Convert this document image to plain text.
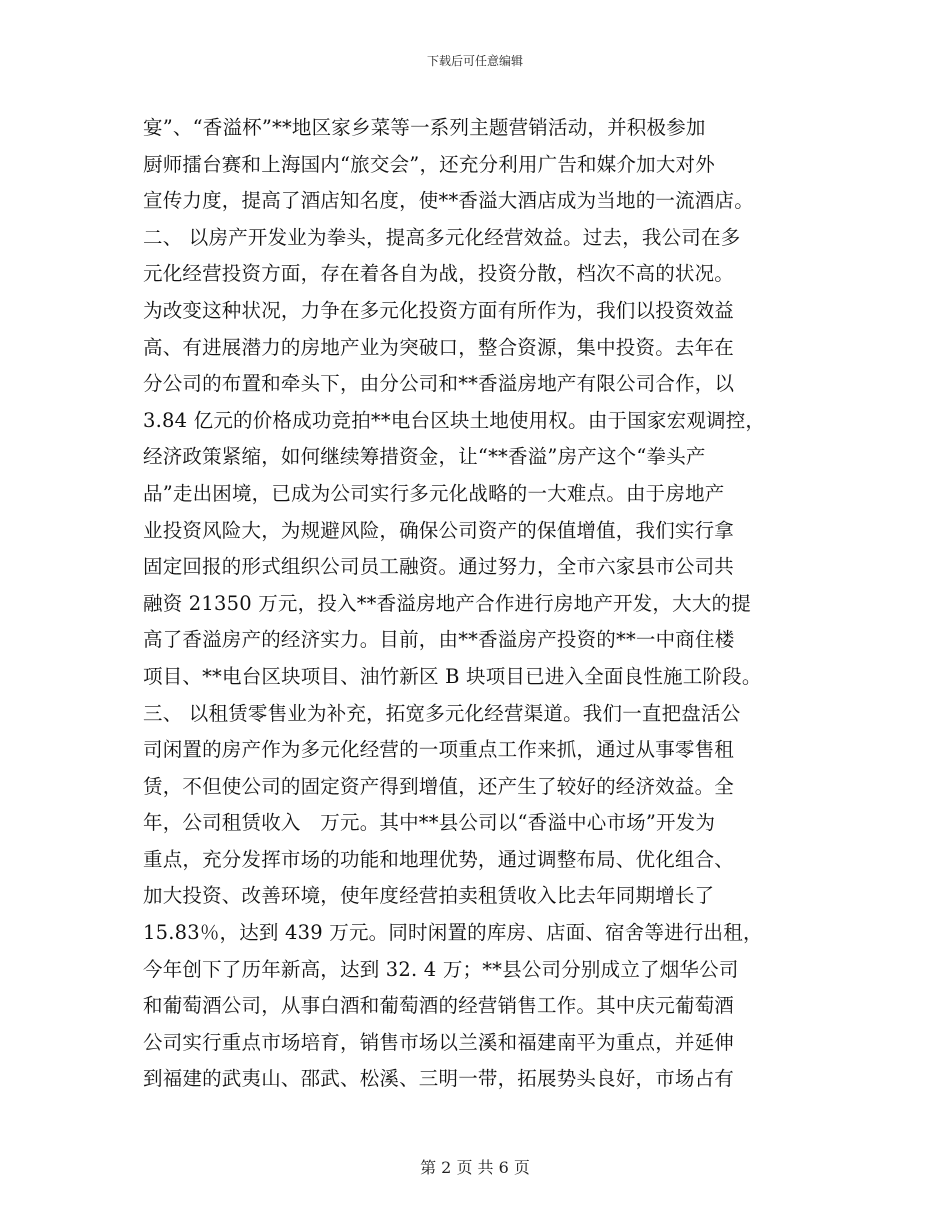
下载后可任意编辑
宴”、“香溢杯”**地区家乡菜等一系列主题营销活动，并积极参加
厨师擂台赛和上海国内“旅交会”，还充分利用广告和媒介加大对外
宣传力度，提高了酒店知名度，使**香溢大酒店成为当地的一流酒店。
二、 以房产开发业为拳头，提高多元化经营效益。过去，我公司在多
元化经营投资方面，存在着各自为战，投资分散，档次不高的状况。
为改变这种状况，力争在多元化投资方面有所作为，我们以投资效益
高、有进展潜力的房地产业为突破口，整合资源，集中投资。去年在
分公司的布置和牵头下，由分公司和**香溢房地产有限公司合作，以
3.84 亿元的价格成功竞拍**电台区块土地使用权。由于国家宏观调控，
经济政策紧缩，如何继续筹措资金，让“**香溢”房产这个“拳头产
品”走出困境，已成为公司实行多元化战略的一大难点。由于房地产
业投资风险大，为规避风险，确保公司资产的保值增值，我们实行拿
固定回报的形式组织公司员工融资。通过努力，全市六家县市公司共
融资 21350 万元，投入**香溢房地产合作进行房地产开发，大大的提
高了香溢房产的经济实力。目前，由**香溢房产投资的**一中商住楼
项目、**电台区块项目、油竹新区 B 块项目已进入全面良性施工阶段。
三、 以租赁零售业为补充，拓宽多元化经营渠道。我们一直把盘活公
司闲置的房产作为多元化经营的一项重点工作来抓，通过从事零售租
赁，不但使公司的固定资产得到增值，还产生了较好的经济效益。全
年，公司租赁收入　万元。其中**县公司以“香溢中心市场”开发为
重点，充分发挥市场的功能和地理优势，通过调整布局、优化组合、
加大投资、改善环境，使年度经营拍卖租赁收入比去年同期增长了
15.83％，达到 439 万元。同时闲置的库房、店面、宿舍等进行出租，
今年创下了历年新高，达到 32. 4 万；**县公司分别成立了烟华公司
和葡萄酒公司，从事白酒和葡萄酒的经营销售工作。其中庆元葡萄酒
公司实行重点市场培育，销售市场以兰溪和福建南平为重点，并延伸
到福建的武夷山、邵武、松溪、三明一带，拓展势头良好，市场占有
第 2 页 共 6 页
